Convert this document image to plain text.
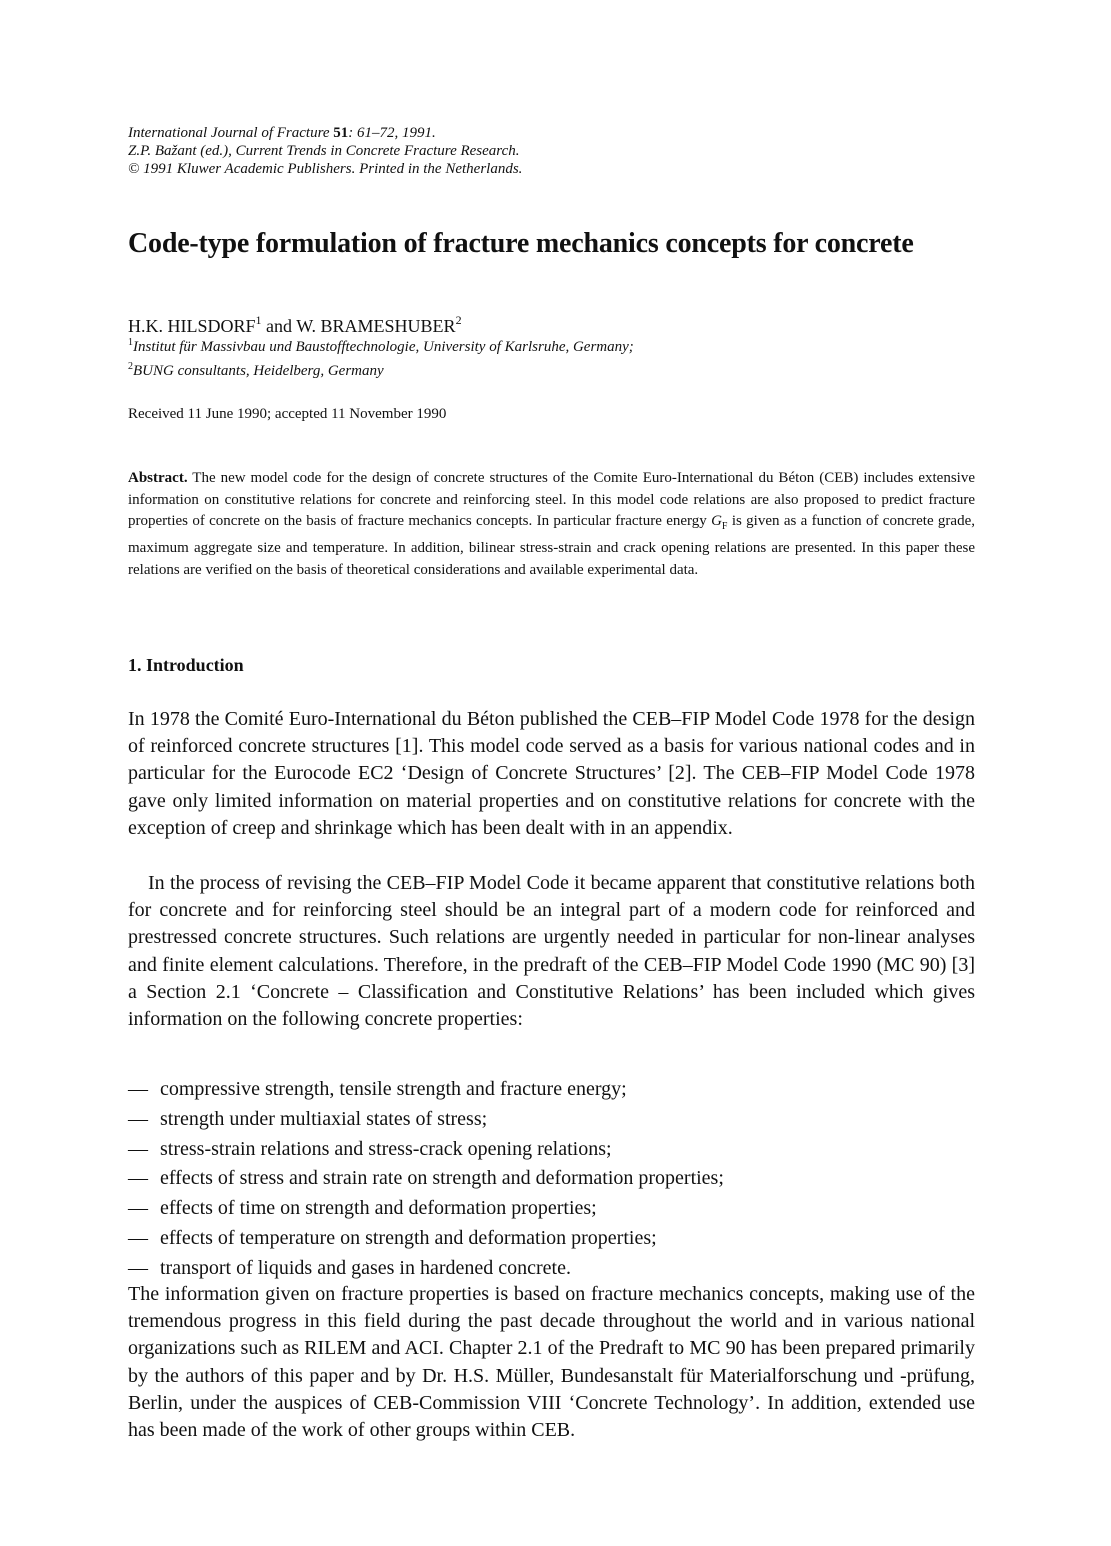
International Journal of Fracture 51: 61–72, 1991.
Z.P. Bažant (ed.), Current Trends in Concrete Fracture Research.
© 1991 Kluwer Academic Publishers. Printed in the Netherlands.
Code-type formulation of fracture mechanics concepts for concrete
H.K. HILSDORF$^1$ and W. BRAMESHUBER$^2$
$^1$Institut für Massivbau und Baustofftechnologie, University of Karlsruhe, Germany;
$^2$BUNG consultants, Heidelberg, Germany
Received 11 June 1990; accepted 11 November 1990
Abstract. The new model code for the design of concrete structures of the Comite Euro-International du Béton (CEB) includes extensive information on constitutive relations for concrete and reinforcing steel. In this model code relations are also proposed to predict fracture properties of concrete on the basis of fracture mechanics concepts. In particular fracture energy $G_F$ is given as a function of concrete grade, maximum aggregate size and temperature. In addition, bilinear stress-strain and crack opening relations are presented. In this paper these relations are verified on the basis of theoretical considerations and available experimental data.
1. Introduction

In 1978 the Comité Euro-International du Béton published the CEB–FIP Model Code 1978 for the design of reinforced concrete structures [1]. This model code served as a basis for various national codes and in particular for the Eurocode EC2 ‘Design of Concrete Structures’ [2]. The CEB–FIP Model Code 1978 gave only limited information on material properties and on constitutive relations for concrete with the exception of creep and shrinkage which has been dealt with in an appendix.

In the process of revising the CEB–FIP Model Code it became apparent that constitutive relations both for concrete and for reinforcing steel should be an integral part of a modern code for reinforced and prestressed concrete structures. Such relations are urgently needed in particular for non-linear analyses and finite element calculations. Therefore, in the predraft of the CEB–FIP Model Code 1990 (MC 90) [3] a Section 2.1 ‘Concrete – Classification and Constitutive Relations’ has been included which gives information on the following concrete properties:

— compressive strength, tensile strength and fracture energy;
— strength under multiaxial states of stress;
— stress-strain relations and stress-crack opening relations;
— effects of stress and strain rate on strength and deformation properties;
— effects of time on strength and deformation properties;
— effects of temperature on strength and deformation properties;
— transport of liquids and gases in hardened concrete.

The information given on fracture properties is based on fracture mechanics concepts, making use of the tremendous progress in this field during the past decade throughout the world and in various national organizations such as RILEM and ACI. Chapter 2.1 of the Predraft to MC 90 has been prepared primarily by the authors of this paper and by Dr. H.S. Müller, Bundesanstalt für Materialforschung und -prüfung, Berlin, under the auspices of CEB-Commission VIII ‘Concrete Technology’. In addition, extended use has been made of the work of other groups within CEB.
